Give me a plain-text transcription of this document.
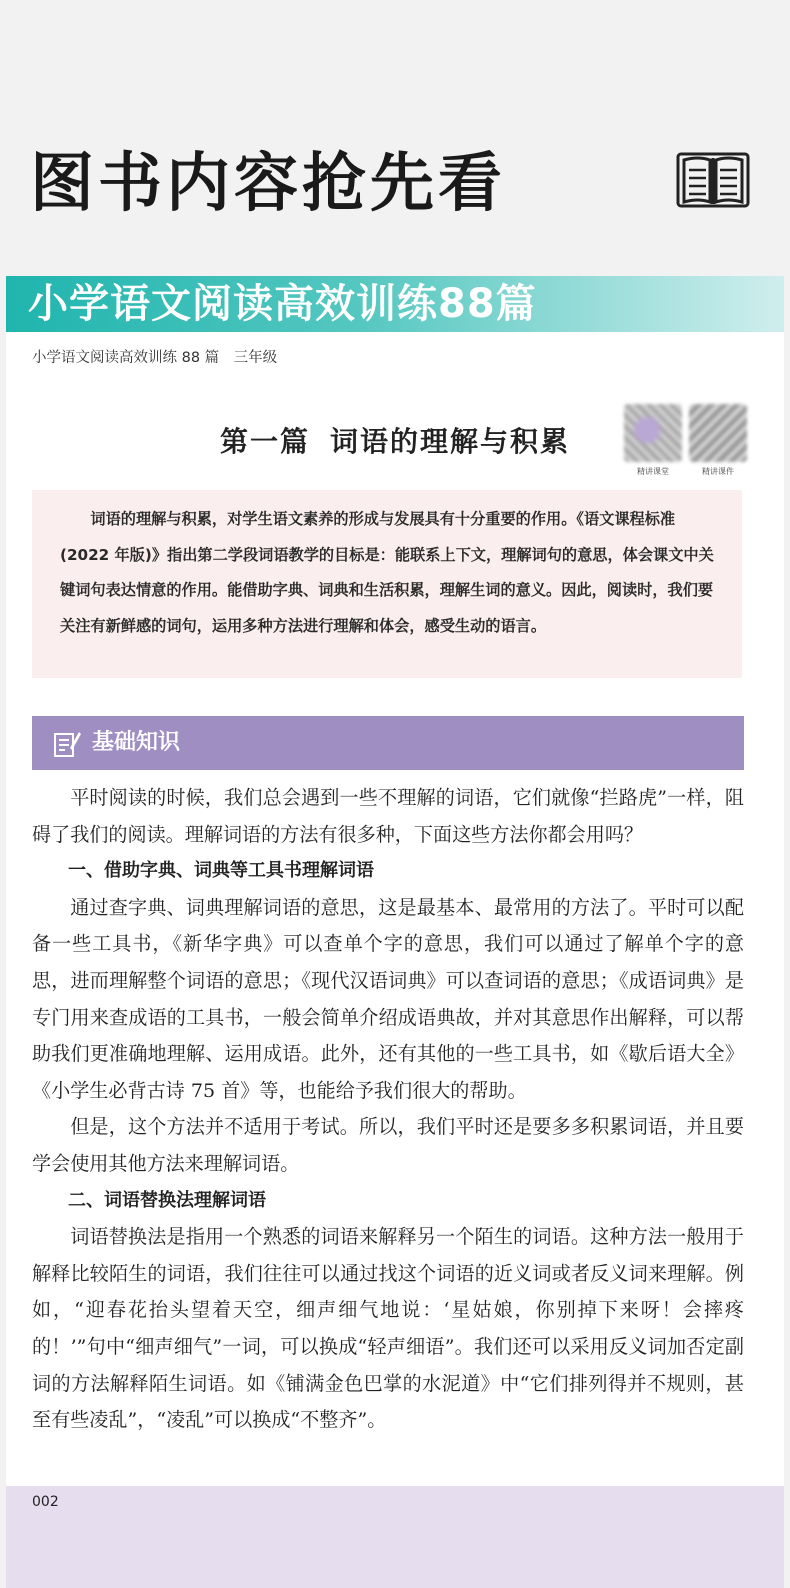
图书内容抢先看
小学语文阅读高效训练88篇
小学语文阅读高效训练 88 篇　三年级
第一篇 词语的理解与积累
精讲课堂	精讲课件

词语的理解与积累，对学生语文素养的形成与发展具有十分重要的作用。《语文课程标准(2022 年版)》指出第二学段词语教学的目标是：能联系上下文，理解词句的意思，体会课文中关键词句表达情意的作用。能借助字典、词典和生活积累，理解生词的意义。因此，阅读时，我们要关注有新鲜感的词句，运用多种方法进行理解和体会，感受生动的语言。

基础知识

平时阅读的时候，我们总会遇到一些不理解的词语，它们就像“拦路虎”一样，阻碍了我们的阅读。理解词语的方法有很多种，下面这些方法你都会用吗？

一、借助字典、词典等工具书理解词语

通过查字典、词典理解词语的意思，这是最基本、最常用的方法了。平时可以配备一些工具书，《新华字典》可以查单个字的意思，我们可以通过了解单个字的意思，进而理解整个词语的意思；《现代汉语词典》可以查词语的意思；《成语词典》是专门用来查成语的工具书，一般会简单介绍成语典故，并对其意思作出解释，可以帮助我们更准确地理解、运用成语。此外，还有其他的一些工具书，如《歇后语大全》《小学生必背古诗 75 首》等，也能给予我们很大的帮助。

但是，这个方法并不适用于考试。所以，我们平时还是要多多积累词语，并且要学会使用其他方法来理解词语。

二、词语替换法理解词语

词语替换法是指用一个熟悉的词语来解释另一个陌生的词语。这种方法一般用于解释比较陌生的词语，我们往往可以通过找这个词语的近义词或者反义词来理解。例如，“迎春花抬头望着天空，细声细气地说：‘星姑娘，你别掉下来呀！会摔疼的！’”句中“细声细气”一词，可以换成“轻声细语”。我们还可以采用反义词加否定副词的方法解释陌生词语。如《铺满金色巴掌的水泥道》中“它们排列得并不规则，甚至有些凌乱”，“凌乱”可以换成“不整齐”。

002
